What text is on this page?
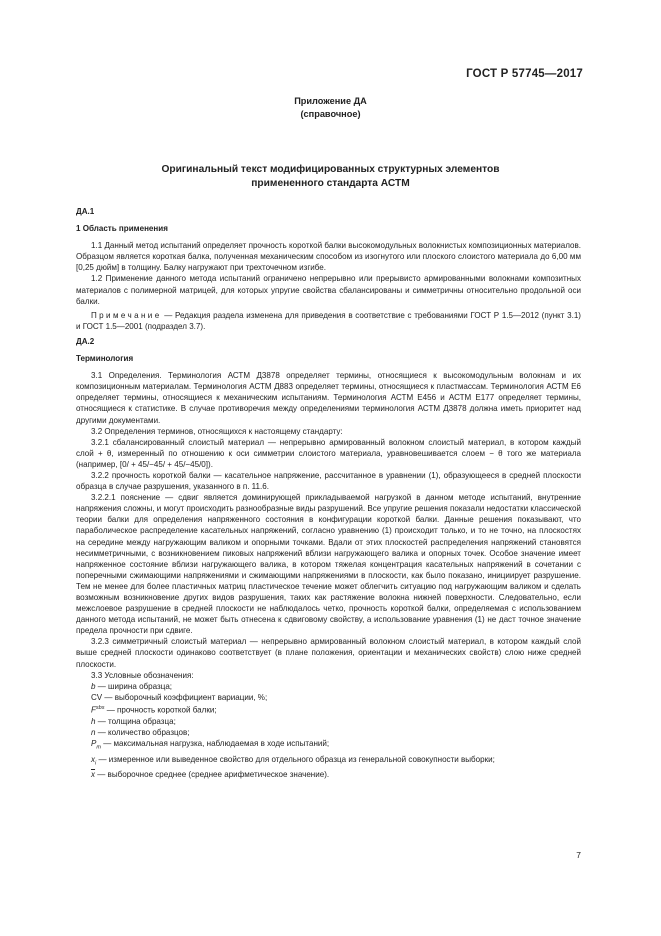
ГОСТ Р 57745—2017
Приложение ДА
(справочное)
Оригинальный текст модифицированных структурных элементов
примененного стандарта АСТМ

ДА.1

1 Область применения

1.1 Данный метод испытаний определяет прочность короткой балки высокомодульных волокнистых композиционных материалов. Образцом является короткая балка, полученная механическим способом из изогнутого или плоского слоистого материала до 6,00 мм [0,25 дюйм] в толщину. Балку нагружают при трехточечном изгибе.

1.2 Применение данного метода испытаний ограничено непрерывно или прерывисто армированными волокнами композитных материалов с полимерной матрицей, для которых упругие свойства сбалансированы и симметричны относительно продольной оси балки.

Примечание — Редакция раздела изменена для приведения в соответствие с требованиями ГОСТ Р 1.5—2012 (пункт 3.1) и ГОСТ 1.5—2001 (подраздел 3.7).

ДА.2

Терминология

3.1 Определения. Терминология АСТМ Д3878 определяет термины, относящиеся к высокомодульным волокнам и их композиционным материалам. Терминология АСТМ Д883 определяет термины, относящиеся к пластмассам. Терминология АСТМ Е6 определяет термины, относящиеся к механическим испытаниям. Терминология АСТМ Е456 и АСТМ Е177 определяет термины, относящиеся к статистике. В случае противоречия между определениями терминология АСТМ Д3878 должна иметь приоритет над другими документами.

3.2 Определения терминов, относящихся к настоящему стандарту:

3.2.1 сбалансированный слоистый материал — непрерывно армированный волокном слоистый материал, в котором каждый слой + θ, измеренный по отношению к оси симметрии слоистого материала, уравновешивается слоем − θ того же материала (например, [0/ + 45/−45/ + 45/−45/0]).

3.2.2 прочность короткой балки — касательное напряжение, рассчитанное в уравнении (1), образующееся в средней плоскости образца в случае разрушения, указанного в п. 11.6.

3.2.2.1 пояснение — сдвиг является доминирующей прикладываемой нагрузкой в данном методе испытаний, внутренние напряжения сложны, и могут происходить разнообразные виды разрушений. Все упругие решения показали недостатки классической теории балки для определения напряженного состояния в конфигурации короткой балки. Данные решения показывают, что параболическое распределение касательных напряжений, согласно уравнению (1) происходит только, и то не точно, на плоскостях на середине между нагружающим валиком и опорными точками. Вдали от этих плоскостей распределения напряжений становятся несимметричными, с возникновением пиковых напряжений вблизи нагружающего валика и опорных точек. Особое значение имеет напряженное состояние вблизи нагружающего валика, в котором тяжелая концентрация касательных напряжений в сочетании с поперечными сжимающими напряжениями и сжимающими напряжениями в плоскости, как было показано, инициирует разрушение. Тем не менее для более пластичных матриц пластическое течение может облегчить ситуацию под нагружающим валиком и сделать возможным возникновение других видов разрушения, таких как растяжение волокна нижней поверхности. Следовательно, если межслоевое разрушение в средней плоскости не наблюдалось четко, прочность короткой балки, определяемая с использованием данного метода испытаний, не может быть отнесена к сдвиговому свойству, а использование уравнения (1) не даст точное значение предела прочности при сдвиге.

3.2.3 симметричный слоистый материал — непрерывно армированный волокном слоистый материал, в котором каждый слой выше средней плоскости одинаково соответствует (в плане положения, ориентации и механических свойств) слою ниже средней плоскости.

3.3 Условные обозначения:

b — ширина образца;

CV — выборочный коэффициент вариации, %;

$F^{sbs}$ — прочность короткой балки;

h — толщина образца;

n — количество образцов;

$P_m$ — максимальная нагрузка, наблюдаемая в ходе испытаний;

$x_i$ — измеренное или выведенное свойство для отдельного образца из генеральной совокупности выборки;

$\overline{x}$ — выборочное среднее (среднее арифметическое значение).

7
